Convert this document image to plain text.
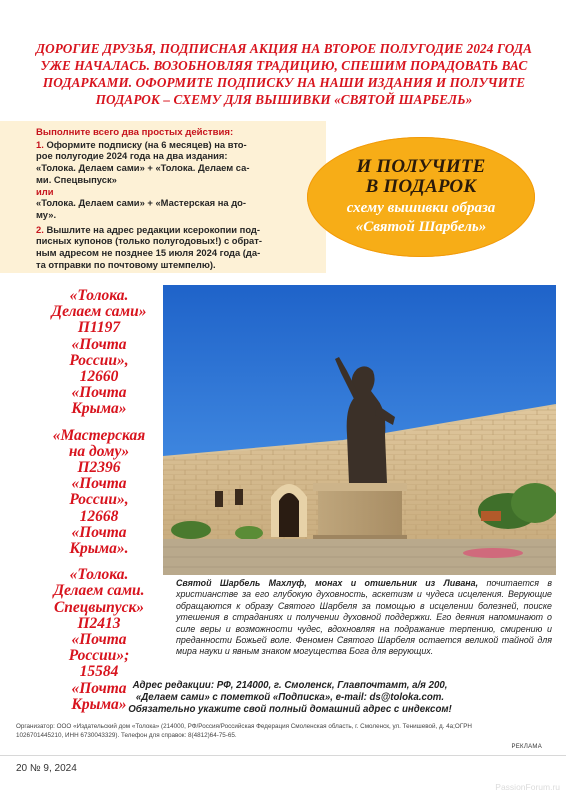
ДОРОГИЕ ДРУЗЬЯ, ПОДПИСНАЯ АКЦИЯ НА ВТОРОЕ ПОЛУГОДИЕ 2024 ГОДА
УЖЕ НАЧАЛАСЬ. ВОЗОБНОВЛЯЯ ТРАДИЦИЮ, СПЕШИМ ПОРАДОВАТЬ ВАС
ПОДАРКАМИ. ОФОРМИТЕ ПОДПИСКУ НА НАШИ ИЗДАНИЯ И ПОЛУЧИТЕ
ПОДАРОК – СХЕМУ ДЛЯ ВЫШИВКИ «СВЯТОЙ ШАРБЕЛЬ»
Выполните всего два простых действия:
1. Оформите подписку (на 6 месяцев) на вто-
рое полугодие 2024 года на два издания:
«Толока. Делаем сами» + «Толока. Делаем са-
ми. Спецвыпуск»
или
«Толока. Делаем сами» + «Мастерская на до-
му».
2. Вышлите на адрес редакции ксерокопии под-
писных купонов (только полугодовых!) с обрат-
ным адресом не позднее 15 июля 2024 года (да-
та отправки по почтовому штемпелю).
И ПОЛУЧИТЕ
В ПОДАРОК
схему вышивки образа
«Святой Шарбель»
«Толока.
Делаем сами»
П1197
«Почта
России»,
12660
«Почта
Крыма»
«Мастерская
на дому»
П2396
«Почта
России»,
12668
«Почта
Крыма».
«Толока.
Делаем сами.
Спецвыпуск»
П2413
«Почта
России»;
15584
«Почта
Крыма»
Святой Шарбель Махлуф, монах и отшельник из Ливана, почитается в христианстве за его глубокую духовность, аскетизм и чудеса исцеления. Верующие обращаются к образу Святого Шарбеля за помощью в исцелении болезней, поиске утешения в страданиях и получении духовной поддержки. Его деяния напоминают о силе веры и возможности чудес, вдохновляя на подражание терпению, смирению и преданности Божьей воле. Феномен Святого Шарбеля остается великой тайной для мира науки и явным знаком могущества Бога для верующих.
Адрес редакции: РФ, 214000, г. Смоленск, Главпочтамт, а/я 200,
«Делаем сами» с пометкой «Подписка», e-mail: ds@toloka.com.
Обязательно укажите свой полный домашний адрес с индексом!
Организатор: ООО «Издательский дом «Толока» (214000, РФ/Россия/Российская Федерация Смоленская область, г. Смоленск, ул. Тенишевой, д. 4а;ОГРН
1026701445210, ИНН 6730043329). Телефон для справок: 8(4812)64-75-65.
РЕКЛАМА
20 № 9, 2024
PassionForum.ru
